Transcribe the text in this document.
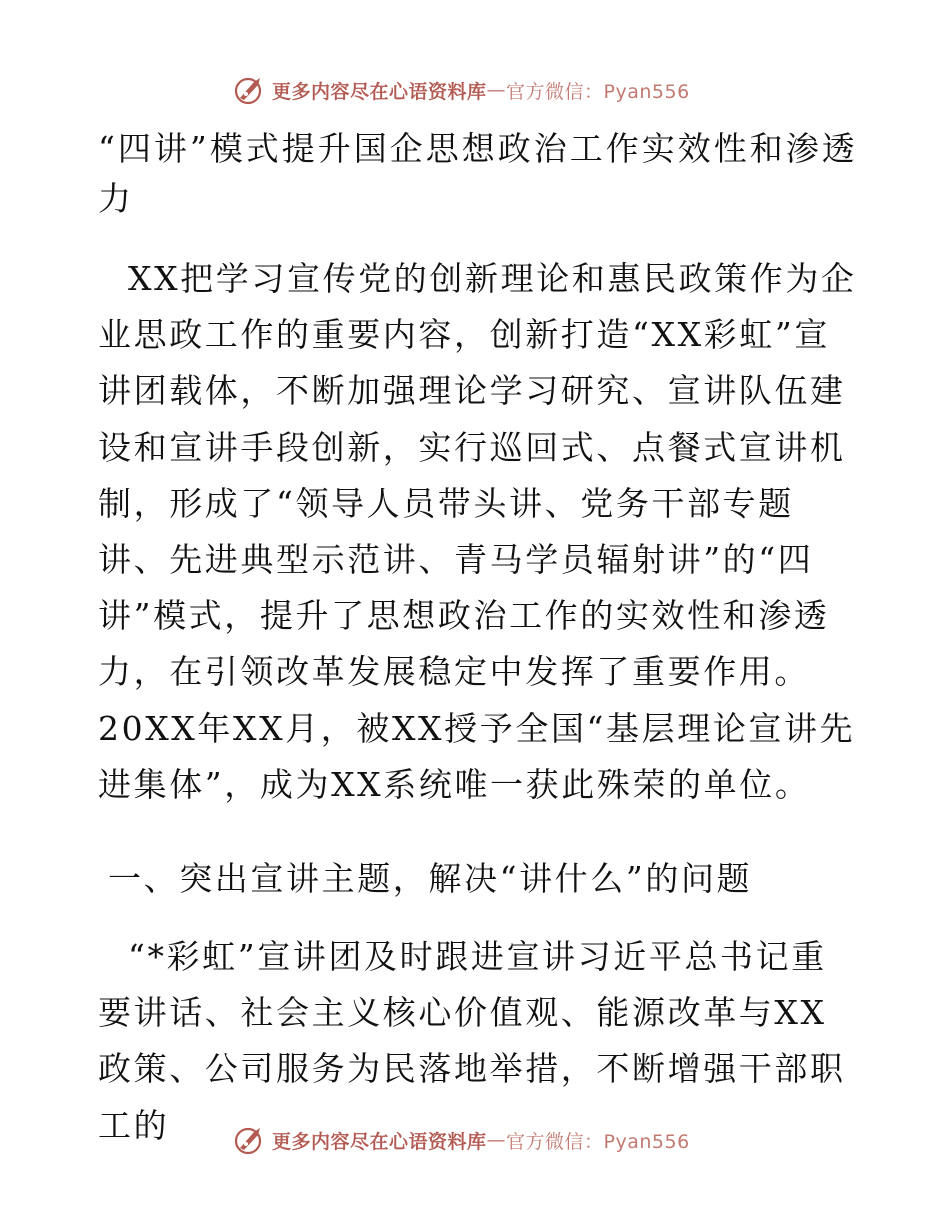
更多内容尽在心语资料库 — 官方微信：Pyan556
“四讲”模式提升国企思想政治工作实效性和渗透力

XX把学习宣传党的创新理论和惠民政策作为企业思政工作的重要内容，创新打造“XX彩虹”宣讲团载体，不断加强理论学习研究、宣讲队伍建设和宣讲手段创新，实行巡回式、点餐式宣讲机制，形成了“领导人员带头讲、党务干部专题讲、先进典型示范讲、青马学员辐射讲”的“四讲”模式，提升了思想政治工作的实效性和渗透力，在引领改革发展稳定中发挥了重要作用。20XX年XX月，被XX授予全国“基层理论宣讲先进集体”，成为XX系统唯一获此殊荣的单位。

一、突出宣讲主题，解决“讲什么”的问题

“*彩虹”宣讲团及时跟进宣讲习近平总书记重要讲话、社会主义核心价值观、能源改革与XX政策、公司服务为民落地举措，不断增强干部职工的	更多内容尽在心语资料库 — 官方微信：Pyan556
